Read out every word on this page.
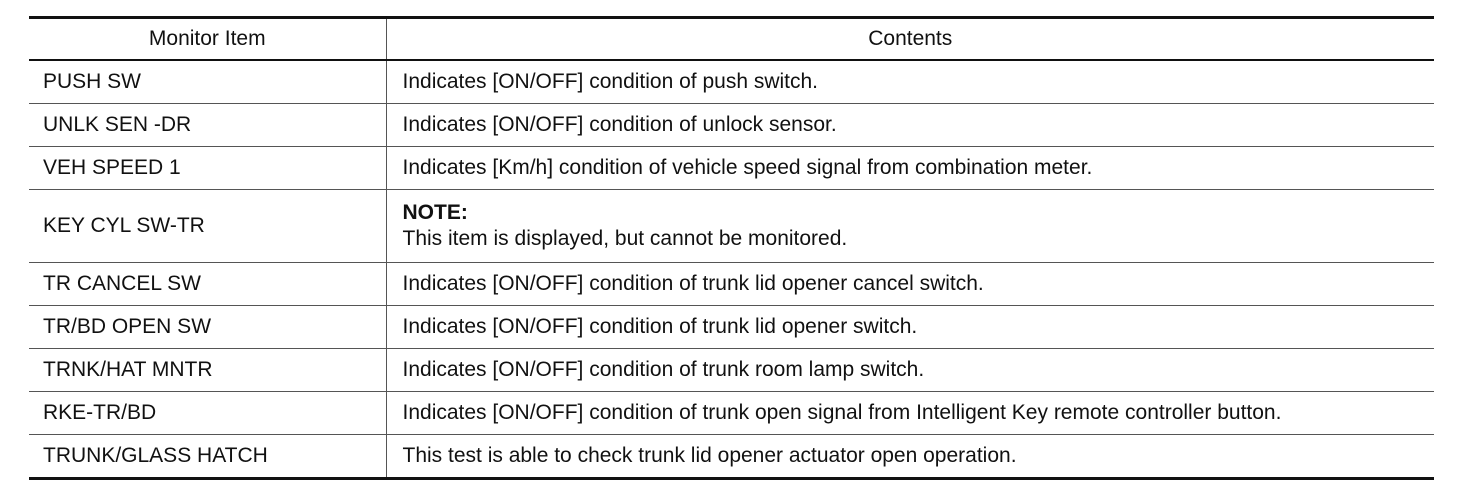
Monitor Item	Contents
PUSH SW	Indicates [ON/OFF] condition of push switch.
UNLK SEN -DR	Indicates [ON/OFF] condition of unlock sensor.
VEH SPEED 1	Indicates [Km/h] condition of vehicle speed signal from combination meter.
KEY CYL SW-TR	NOTE:
This item is displayed, but cannot be monitored.

TR CANCEL SW	Indicates [ON/OFF] condition of trunk lid opener cancel switch.
TR/BD OPEN SW	Indicates [ON/OFF] condition of trunk lid opener switch.
TRNK/HAT MNTR	Indicates [ON/OFF] condition of trunk room lamp switch.
RKE-TR/BD	Indicates [ON/OFF] condition of trunk open signal from Intelligent Key remote controller button.
TRUNK/GLASS HATCH	This test is able to check trunk lid opener actuator open operation.
